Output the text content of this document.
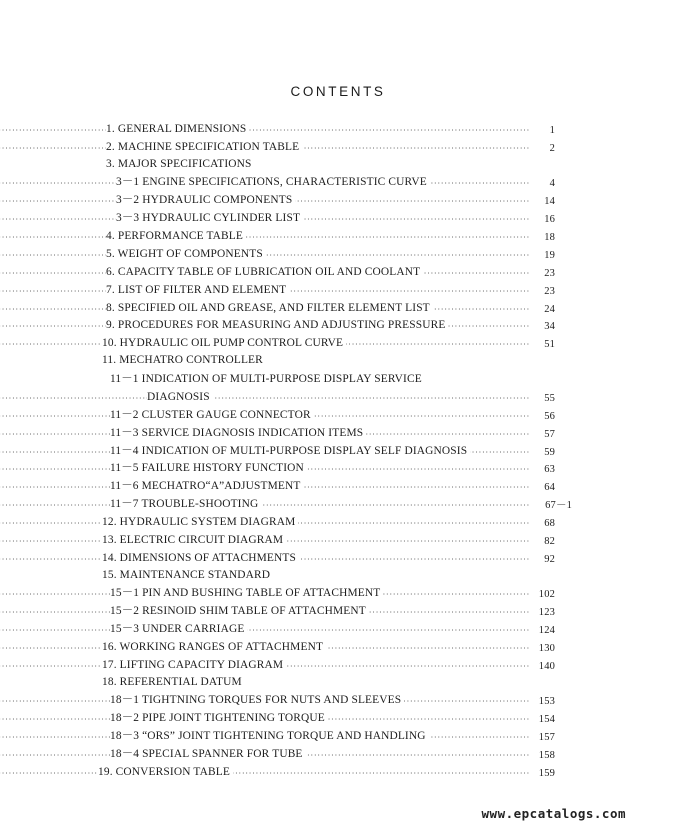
CONTENTS
·····
1. GENERAL DIMENSIONS	1
·····
2. MACHINE SPECIFICATION TABLE	2
3. MAJOR SPECIFICATIONS
·····
3－1 ENGINE SPECIFICATIONS, CHARACTERISTIC CURVE	4
·····
3－2 HYDRAULIC COMPONENTS	14
·····
3－3 HYDRAULIC CYLINDER LIST	16
·····
4. PERFORMANCE TABLE	18
·····
5. WEIGHT OF COMPONENTS	19
·····
6. CAPACITY TABLE OF LUBRICATION OIL AND COOLANT	23
·····
7. LIST OF FILTER AND ELEMENT	23
·····
8. SPECIFIED OIL AND GREASE, AND FILTER ELEMENT LIST	24
·····
9. PROCEDURES FOR MEASURING AND ADJUSTING PRESSURE	34
·····
10. HYDRAULIC OIL PUMP CONTROL CURVE	51
11. MECHATRO CONTROLLER
11－1 INDICATION OF MULTI-PURPOSE DISPLAY SERVICE
·····
DIAGNOSIS	55
·····
11－2 CLUSTER GAUGE CONNECTOR	56
·····
11－3 SERVICE DIAGNOSIS INDICATION ITEMS	57
·····
11－4 INDICATION OF MULTI-PURPOSE DISPLAY SELF DIAGNOSIS	59
·····
11－5 FAILURE HISTORY FUNCTION	63
·····
11－6 MECHATRO“A”ADJUSTMENT	64
·····
11－7 TROUBLE-SHOOTING	67－1
·····
12. HYDRAULIC SYSTEM DIAGRAM	68
·····
13. ELECTRIC CIRCUIT DIAGRAM	82
·····
14. DIMENSIONS OF ATTACHMENTS	92
15. MAINTENANCE STANDARD
·····
15－1 PIN AND BUSHING TABLE OF ATTACHMENT	102
·····
15－2 RESINOID SHIM TABLE OF ATTACHMENT	123
·····
15－3 UNDER CARRIAGE	124
·····
16. WORKING RANGES OF ATTACHMENT	130
·····
17. LIFTING CAPACITY DIAGRAM	140
18. REFERENTIAL DATUM
·····
18－1 TIGHTNING TORQUES FOR NUTS AND SLEEVES	153
·····
18－2 PIPE JOINT TIGHTENING TORQUE	154
·····
18－3 “ORS” JOINT TIGHTENING TORQUE AND HANDLING	157
·····
18－4 SPECIAL SPANNER FOR TUBE	158
·····
19. CONVERSION TABLE	159
www.epcatalogs.com
